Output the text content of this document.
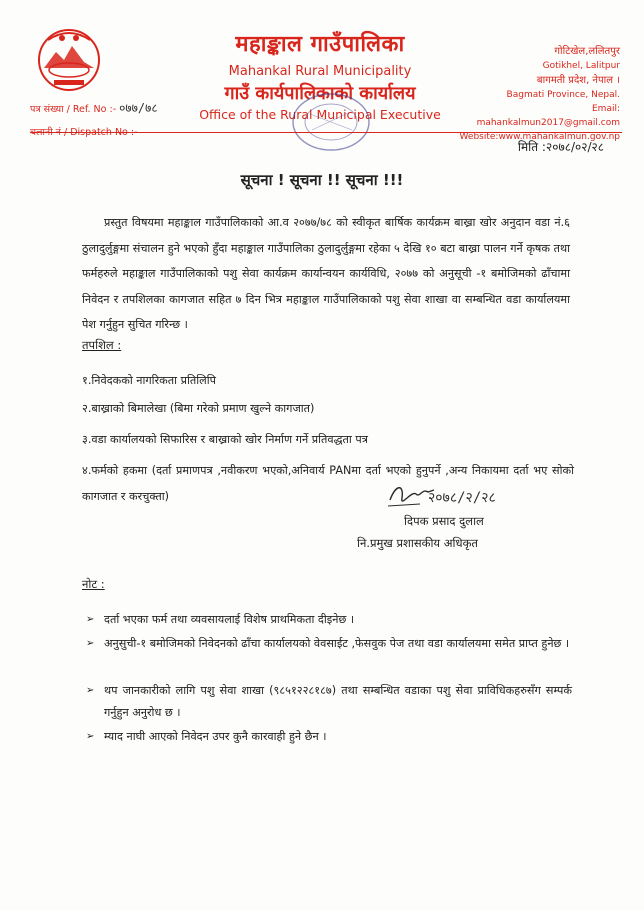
महाङ्काल गाउँपालिका
Mahankal Rural Municipality
गाउँ कार्यपालिकाको कार्यालय
Office of the Rural Municipal Executive
गोटिखेल,ललितपुर
Gotikhel, Lalitpur
बागमती प्रदेश, नेपाल ।
Bagmati Province, Nepal.
Email: mahankalmun2017@gmail.com
Website:www.mahankalmun.gov.np
पत्र संख्या / Ref. No :- ०७७/७८
चलानी नं / Dispatch No :-
मिति :२०७८/०२/२८
सूचना ! सूचना !! सूचना !!!
प्रस्तुत विषयमा महाङ्काल गाउँपालिकाको आ.व २०७७/७८ को स्वीकृत बार्षिक कार्यक्रम बाख्रा खोर अनुदान वडा नं.६ ठुलादुर्लुङ्गमा संचालन हुने भएको हुँदा महाङ्काल गाउँपालिका ठुलादुर्लुङ्गमा रहेका ५ देखि १० बटा बाख्रा पालन गर्ने कृषक तथा फर्महरुले महाङ्काल गाउँपालिकाको पशु सेवा कार्यक्रम कार्यान्वयन कार्यविधि, २०७७ को अनुसूची -१ बमोजिमको ढाँचामा निवेदन र तपशिलका कागजात सहित ७ दिन भित्र महाङ्काल गाउँपालिकाको पशु सेवा शाखा वा सम्बन्धित वडा कार्यालयमा पेश गर्नुहुन सुचित गरिन्छ ।
तपशिल :
१.निवेदकको नागरिकता प्रतिलिपि
२.बाख्राको बिमालेखा (बिमा गरेको प्रमाण खुल्ने कागजात)
३.वडा कार्यालयको सिफारिस र बाख्राको खोर निर्माण गर्ने प्रतिवद्धता पत्र
४.फर्मको हकमा (दर्ता प्रमाणपत्र ,नवीकरण भएको,अनिवार्य PANमा दर्ता भएको हुनुपर्ने ,अन्य निकायमा दर्ता भए सोको कागजात र करचुक्ता)	२०७८/२/२८
दिपक प्रसाद दुलाल
नि.प्रमुख प्रशासकीय अधिकृत
नोट :
➢ दर्ता भएका फर्म तथा व्यवसायलाई विशेष प्राथमिकता दीइनेछ ।
➢ अनुसुची-१ बमोजिमको निवेदनको ढाँचा कार्यालयको वेवसाईट ,फेसवुक पेज तथा वडा कार्यालयमा समेत प्राप्त हुनेछ ।
➢ थप जानकारीको लागि पशु सेवा शाखा (९८५१२२८१८७) तथा सम्बन्धित वडाका पशु सेवा प्राविधिकहरुसँग सम्पर्क गर्नुहुन अनुरोध छ ।
➢ म्याद नाघी आएको निवेदन उपर कुनै कारवाही हुने छैन ।
